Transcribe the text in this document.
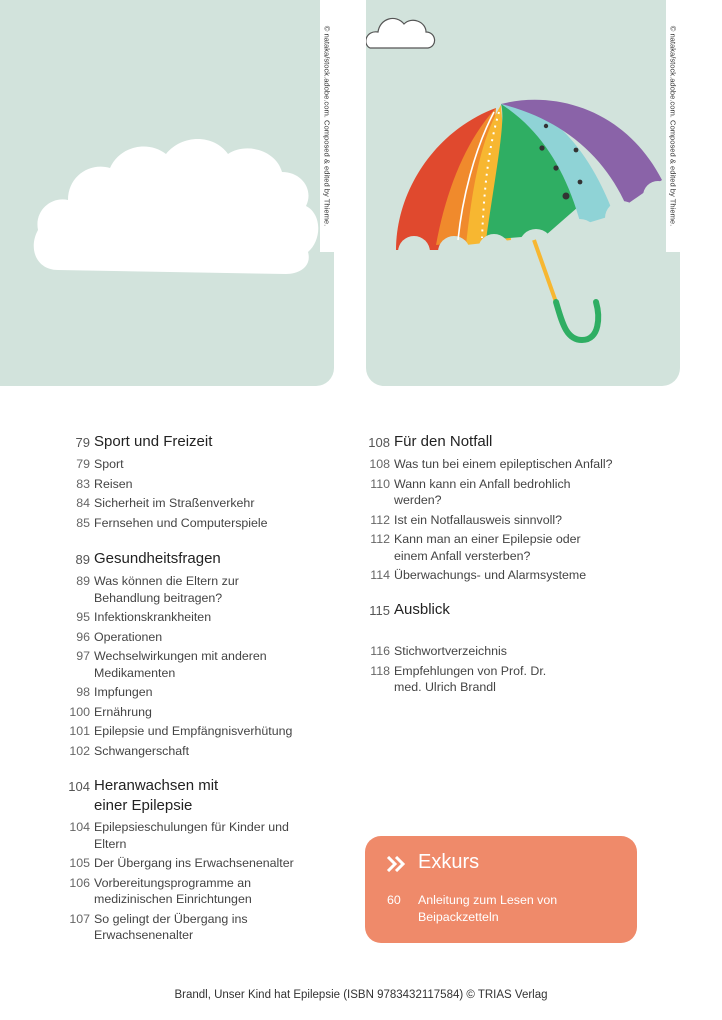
© nataka/stock.adobe.com. Composed & edited by Thieme.	© nataka/stock.adobe.com. Composed & edited by Thieme.
79 Sport und Freizeit
79 Sport
83 Reisen
84 Sicherheit im Straßenverkehr
85 Fernsehen und Computerspiele
89 Gesundheitsfragen
89 Was können die Eltern zur Behandlung beitragen?
95 Infektionskrankheiten
96 Operationen
97 Wechselwirkungen mit anderen Medikamenten
98 Impfungen
100 Ernährung
101 Epilepsie und Empfängnisverhütung
102 Schwangerschaft
104 Heranwachsen mit einer Epilepsie
104 Epilepsieschulungen für Kinder und Eltern
105 Der Übergang ins Erwachsenenalter
106 Vorbereitungsprogramme an medizinischen Einrichtungen
107 So gelingt der Übergang ins Erwachsenenalter
108 Für den Notfall
108 Was tun bei einem epileptischen Anfall?
110 Wann kann ein Anfall bedrohlich werden?
112 Ist ein Notfallausweis sinnvoll?
112 Kann man an einer Epilepsie oder einem Anfall versterben?
114 Überwachungs- und Alarmsysteme
115 Ausblick
116 Stichwortverzeichnis
118 Empfehlungen von Prof. Dr. med. Ulrich Brandl
Exkurs
60	Anleitung zum Lesen von Beipackzetteln
Brandl, Unser Kind hat Epilepsie (ISBN 9783432117584) © TRIAS Verlag
